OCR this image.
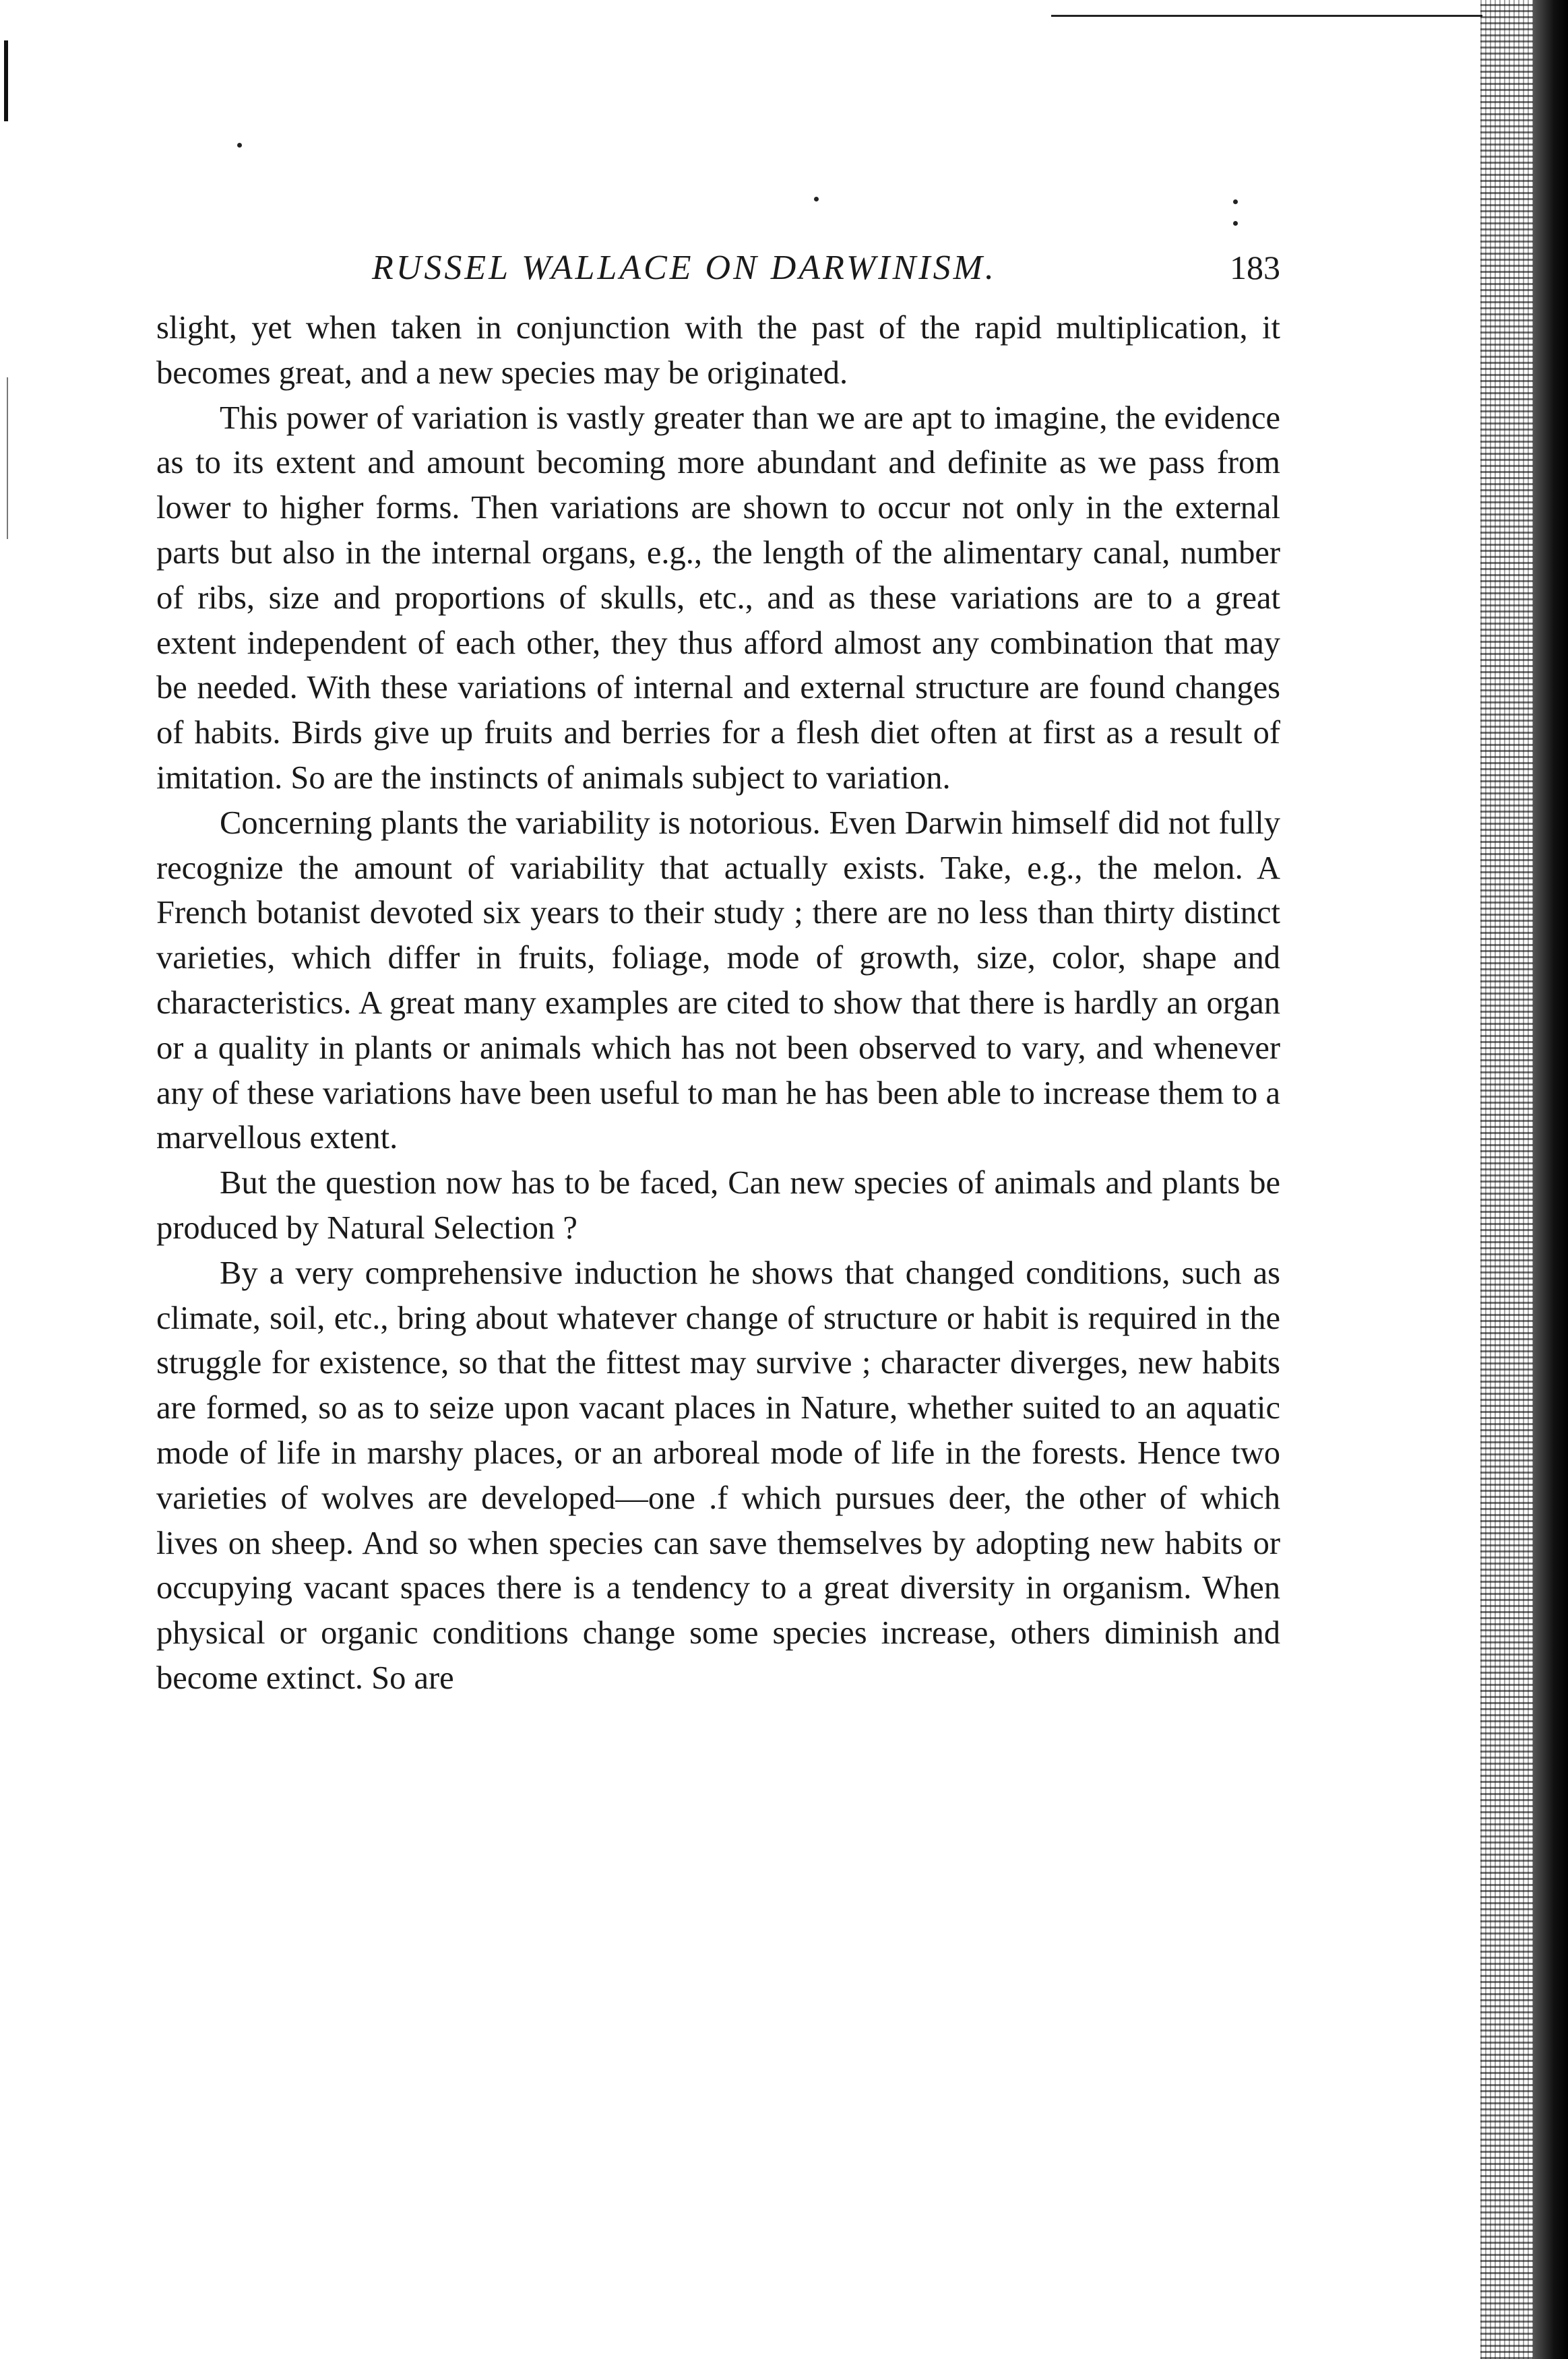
RUSSEL WALLACE ON DARWINISM.	183

slight, yet when taken in conjunction with the past of the rapid multiplication, it becomes great, and a new species may be originated.

This power of variation is vastly greater than we are apt to imagine, the evidence as to its extent and amount becoming more abundant and definite as we pass from lower to higher forms. Then variations are shown to occur not only in the external parts but also in the internal organs, e.g., the length of the alimentary canal, number of ribs, size and proportions of skulls, etc., and as these variations are to a great extent independent of each other, they thus afford almost any combination that may be needed. With these variations of internal and external structure are found changes of habits. Birds give up fruits and berries for a flesh diet often at first as a result of imitation. So are the instincts of animals subject to variation.

Concerning plants the variability is notorious. Even Darwin himself did not fully recognize the amount of variability that actually exists. Take, e.g., the melon. A French botanist devoted six years to their study ; there are no less than thirty distinct varieties, which differ in fruits, foliage, mode of growth, size, color, shape and characteristics. A great many examples are cited to show that there is hardly an organ or a quality in plants or animals which has not been observed to vary, and whenever any of these variations have been useful to man he has been able to increase them to a marvellous extent.

But the question now has to be faced, Can new species of animals and plants be produced by Natural Selection ?

By a very comprehensive induction he shows that changed conditions, such as climate, soil, etc., bring about whatever change of structure or habit is required in the struggle for existence, so that the fittest may survive ; character diverges, new habits are formed, so as to seize upon vacant places in Nature, whether suited to an aquatic mode of life in marshy places, or an arboreal mode of life in the forests. Hence two varieties of wolves are developed—one .f which pursues deer, the other of which lives on sheep. And so when species can save themselves by adopting new habits or occupying vacant spaces there is a tendency to a great diversity in organism. When physical or organic conditions change some species increase, others diminish and become extinct. So are
